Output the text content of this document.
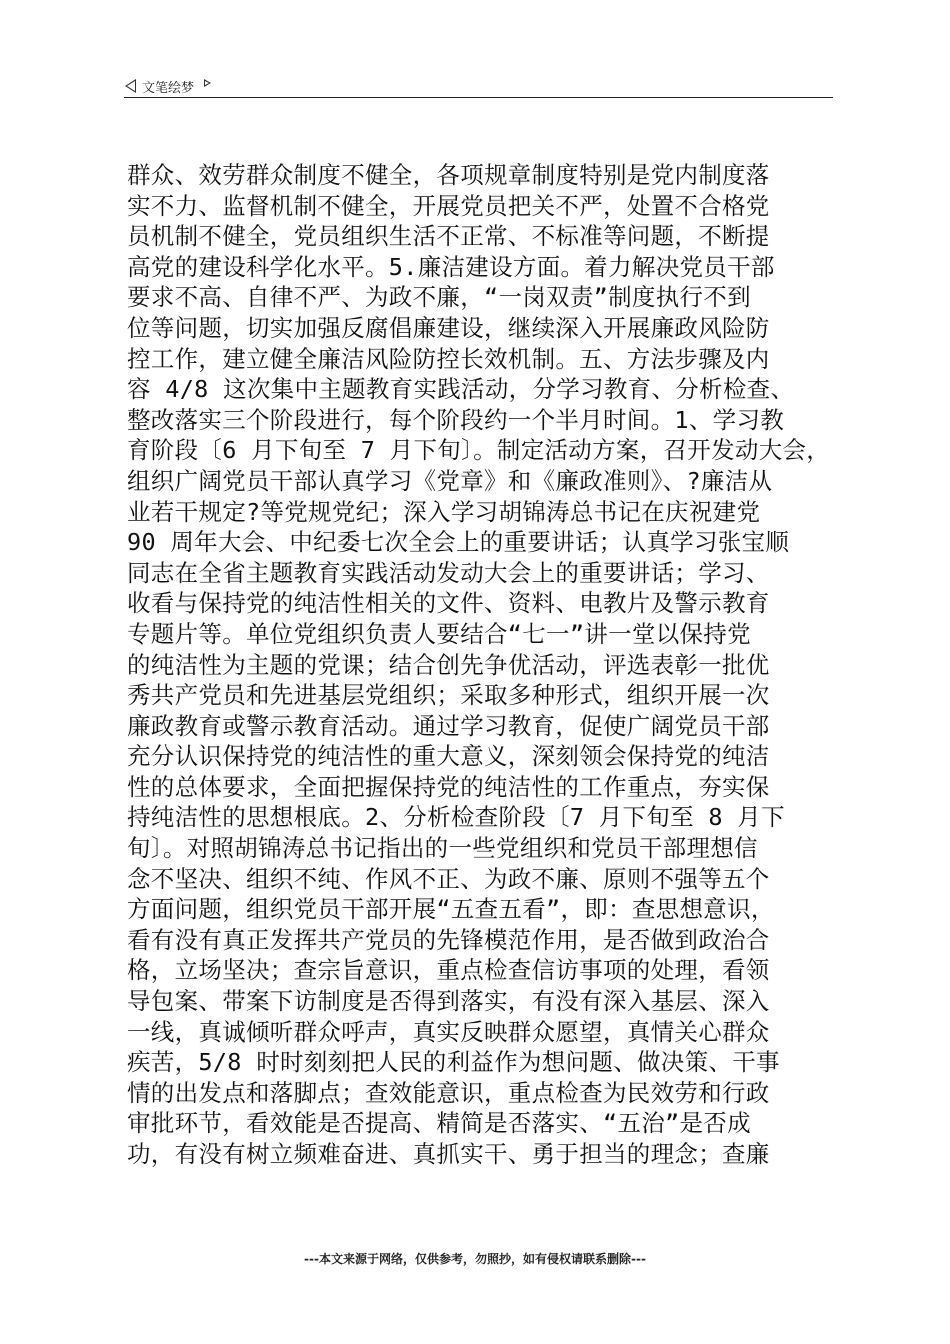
文笔绘梦
群众、效劳群众制度不健全，各项规章制度特别是党内制度落
实不力、监督机制不健全，开展党员把关不严，处置不合格党
员机制不健全，党员组织生活不正常、不标准等问题，不断提
高党的建设科学化水平。5.廉洁建设方面。着力解决党员干部
要求不高、自律不严、为政不廉，“一岗双责”制度执行不到
位等问题，切实加强反腐倡廉建设，继续深入开展廉政风险防
控工作，建立健全廉洁风险防控长效机制。五、方法步骤及内
容 4/8 这次集中主题教育实践活动，分学习教育、分析检查、
整改落实三个阶段进行，每个阶段约一个半月时间。1、学习教
育阶段〔6 月下旬至 7 月下旬〕。制定活动方案，召开发动大会，
组织广阔党员干部认真学习《党章》和《廉政准则》、?廉洁从
业若干规定?等党规党纪；深入学习胡锦涛总书记在庆祝建党
90 周年大会、中纪委七次全会上的重要讲话；认真学习张宝顺
同志在全省主题教育实践活动发动大会上的重要讲话；学习、
收看与保持党的纯洁性相关的文件、资料、电教片及警示教育
专题片等。单位党组织负责人要结合“七一”讲一堂以保持党
的纯洁性为主题的党课；结合创先争优活动，评选表彰一批优
秀共产党员和先进基层党组织；采取多种形式，组织开展一次
廉政教育或警示教育活动。通过学习教育，促使广阔党员干部
充分认识保持党的纯洁性的重大意义，深刻领会保持党的纯洁
性的总体要求，全面把握保持党的纯洁性的工作重点，夯实保
持纯洁性的思想根底。2、分析检查阶段〔7 月下旬至 8 月下
旬〕。对照胡锦涛总书记指出的一些党组织和党员干部理想信
念不坚决、组织不纯、作风不正、为政不廉、原则不强等五个
方面问题，组织党员干部开展“五查五看”，即：查思想意识，
看有没有真正发挥共产党员的先锋模范作用，是否做到政治合
格，立场坚决；查宗旨意识，重点检查信访事项的处理，看领
导包案、带案下访制度是否得到落实，有没有深入基层、深入
一线，真诚倾听群众呼声，真实反映群众愿望，真情关心群众
疾苦，5/8 时时刻刻把人民的利益作为想问题、做决策、干事
情的出发点和落脚点；查效能意识，重点检查为民效劳和行政
审批环节，看效能是否提高、精简是否落实、“五治”是否成
功，有没有树立频难奋进、真抓实干、勇于担当的理念；查廉
---本文来源于网络，仅供参考，勿照抄，如有侵权请联系删除---
